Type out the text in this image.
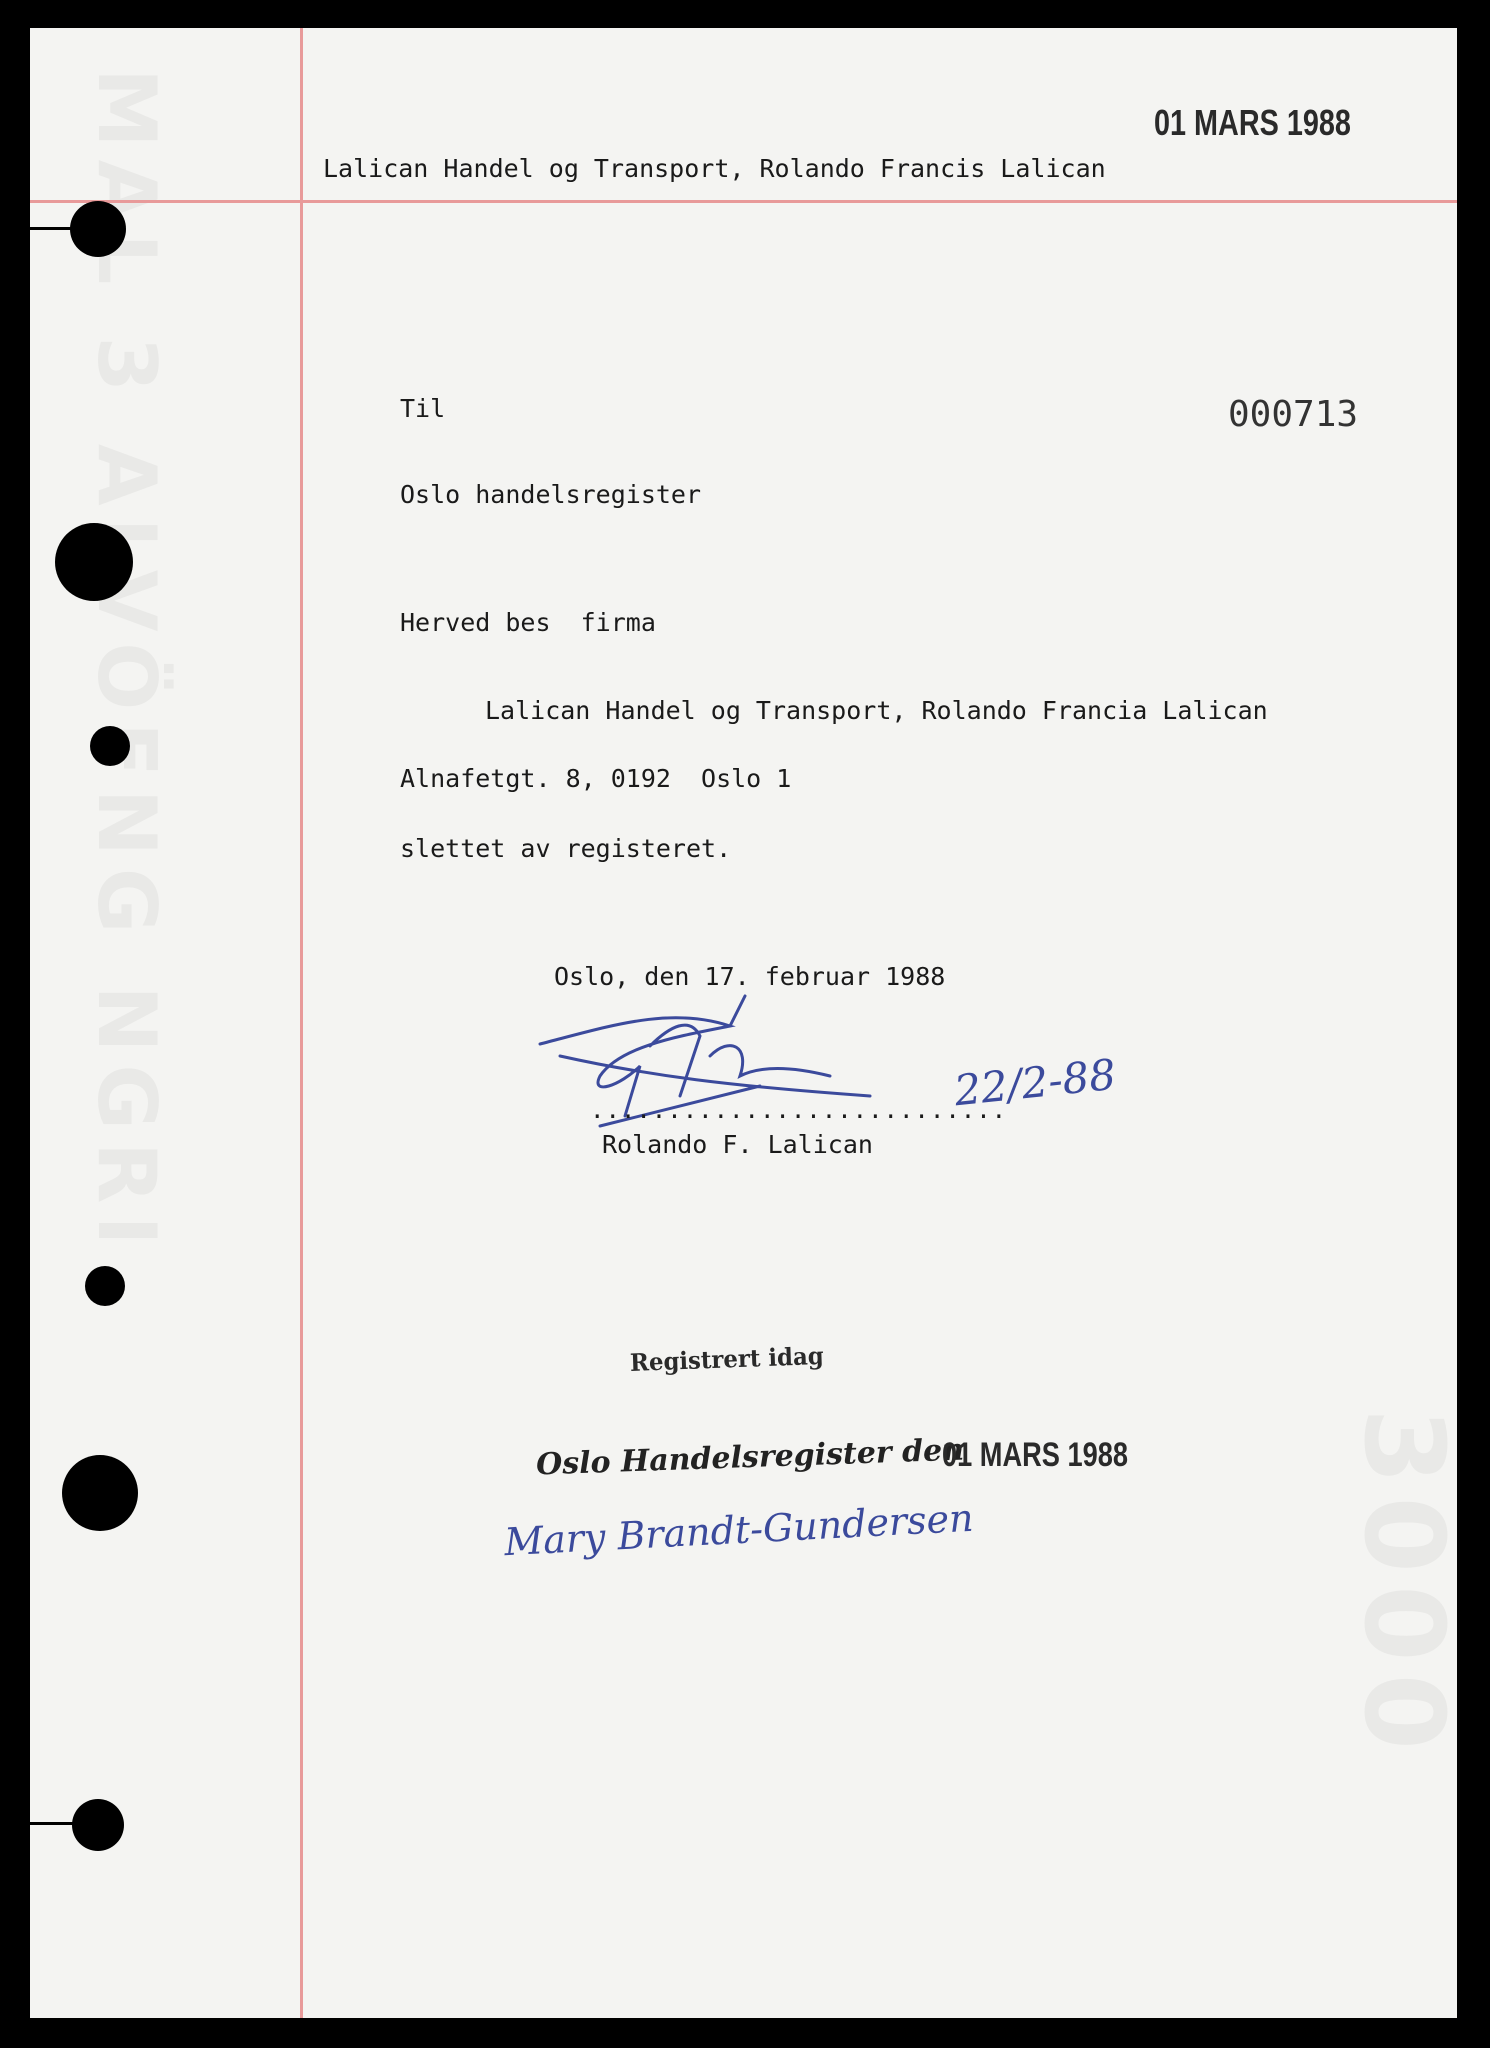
01 MARS 1988
Lalican Handel og Transport, Rolando Francis Lalican
Til	000713
Oslo handelsregister
Herved bes  firma
Lalican Handel og Transport, Rolando Francia Lalican
Alnafetgt. 8, 0192  Oslo 1
slettet av registeret.
Oslo, den 17. februar 1988
22/2-88
...........................
Rolando F. Lalican
Registrert idag
Oslo Handelsregister den
01 MARS 1988
Mary Brandt-Gundersen
